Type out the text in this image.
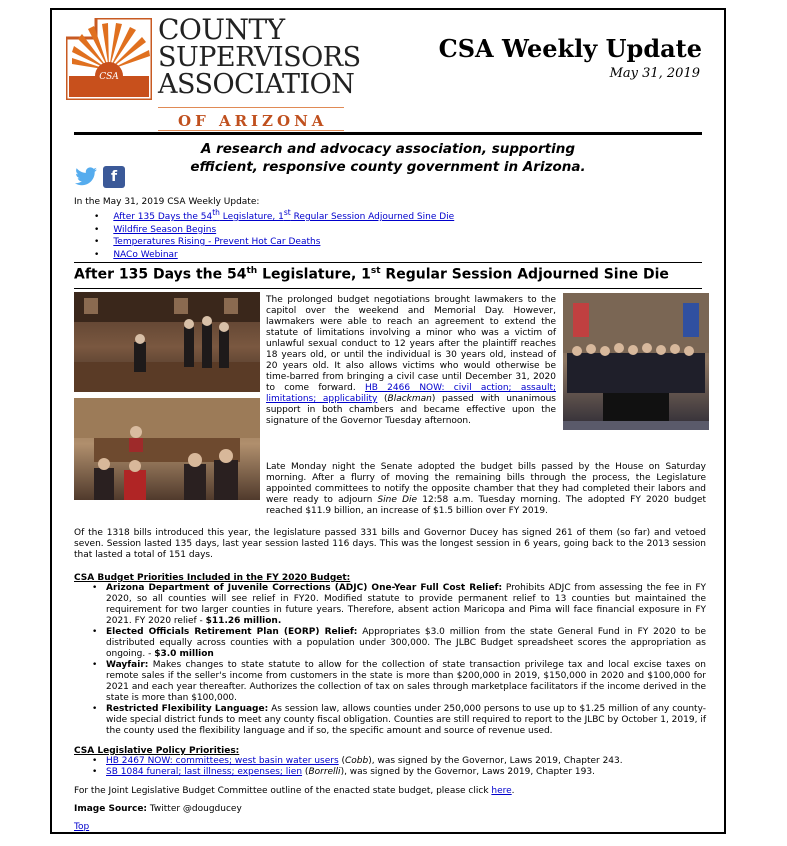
CSA
COUNTY
SUPERVISORS
ASSOCIATION
OF ARIZONA
CSA Weekly Update
May 31, 2019
A research and advocacy association, supporting
efficient, responsive county government in Arizona.
f
In the May 31, 2019 CSA Weekly Update:
• After 135 Days the 54th Legislature, 1st Regular Session Adjourned Sine Die
• Wildfire Season Begins
• Temperatures Rising - Prevent Hot Car Deaths
• NACo Webinar
After 135 Days the 54th Legislature, 1st Regular Session Adjourned Sine Die
The prolonged budget negotiations brought lawmakers to the capitol over the weekend and Memorial Day. However, lawmakers were able to reach an agreement to extend the statute of limitations involving a minor who was a victim of unlawful sexual conduct to 12 years after the plaintiff reaches 18 years old, or until the individual is 30 years old, instead of 20 years old. It also allows victims who would otherwise be time-barred from bringing a civil case until December 31, 2020 to come forward. HB 2466 NOW: civil action; assault; limitations; applicability (Blackman) passed with unanimous support in both chambers and became effective upon the signature of the Governor Tuesday afternoon.
Late Monday night the Senate adopted the budget bills passed by the House on Saturday morning. After a flurry of moving the remaining bills through the process, the Legislature appointed committees to notify the opposite chamber that they had completed their labors and were ready to adjourn Sine Die 12:58 a.m. Tuesday morning. The adopted FY 2020 budget reached $11.9 billion, an increase of $1.5 billion over FY 2019.
Of the 1318 bills introduced this year, the legislature passed 331 bills and Governor Ducey has signed 261 of them (so far) and vetoed seven. Session lasted 135 days, last year session lasted 116 days. This was the longest session in 6 years, going back to the 2013 session that lasted a total of 151 days.
CSA Budget Priorities Included in the FY 2020 Budget:
• Arizona Department of Juvenile Corrections (ADJC) One-Year Full Cost Relief: Prohibits ADJC from assessing the fee in FY 2020, so all counties will see relief in FY20. Modified statute to provide permanent relief to 13 counties but maintained the requirement for two larger counties in future years. Therefore, absent action Maricopa and Pima will face financial exposure in FY 2021. FY 2020 relief - $11.26 million.
• Elected Officials Retirement Plan (EORP) Relief: Appropriates $3.0 million from the state General Fund in FY 2020 to be distributed equally across counties with a population under 300,000. The JLBC Budget spreadsheet scores the appropriation as ongoing. - $3.0 million
• Wayfair: Makes changes to state statute to allow for the collection of state transaction privilege tax and local excise taxes on remote sales if the seller's income from customers in the state is more than $200,000 in 2019, $150,000 in 2020 and $100,000 for 2021 and each year thereafter. Authorizes the collection of tax on sales through marketplace facilitators if the income derived in the state is more than $100,000.
• Restricted Flexibility Language: As session law, allows counties under 250,000 persons to use up to $1.25 million of any county-wide special district funds to meet any county fiscal obligation. Counties are still required to report to the JLBC by October 1, 2019, if the county used the flexibility language and if so, the specific amount and source of revenue used.
CSA Legislative Policy Priorities:
• HB 2467 NOW: committees; west basin water users (Cobb), was signed by the Governor, Laws 2019, Chapter 243.
• SB 1084 funeral; last illness; expenses; lien (Borrelli), was signed by the Governor, Laws 2019, Chapter 193.
For the Joint Legislative Budget Committee outline of the enacted state budget, please click here.
Image Source: Twitter @dougducey
Top
